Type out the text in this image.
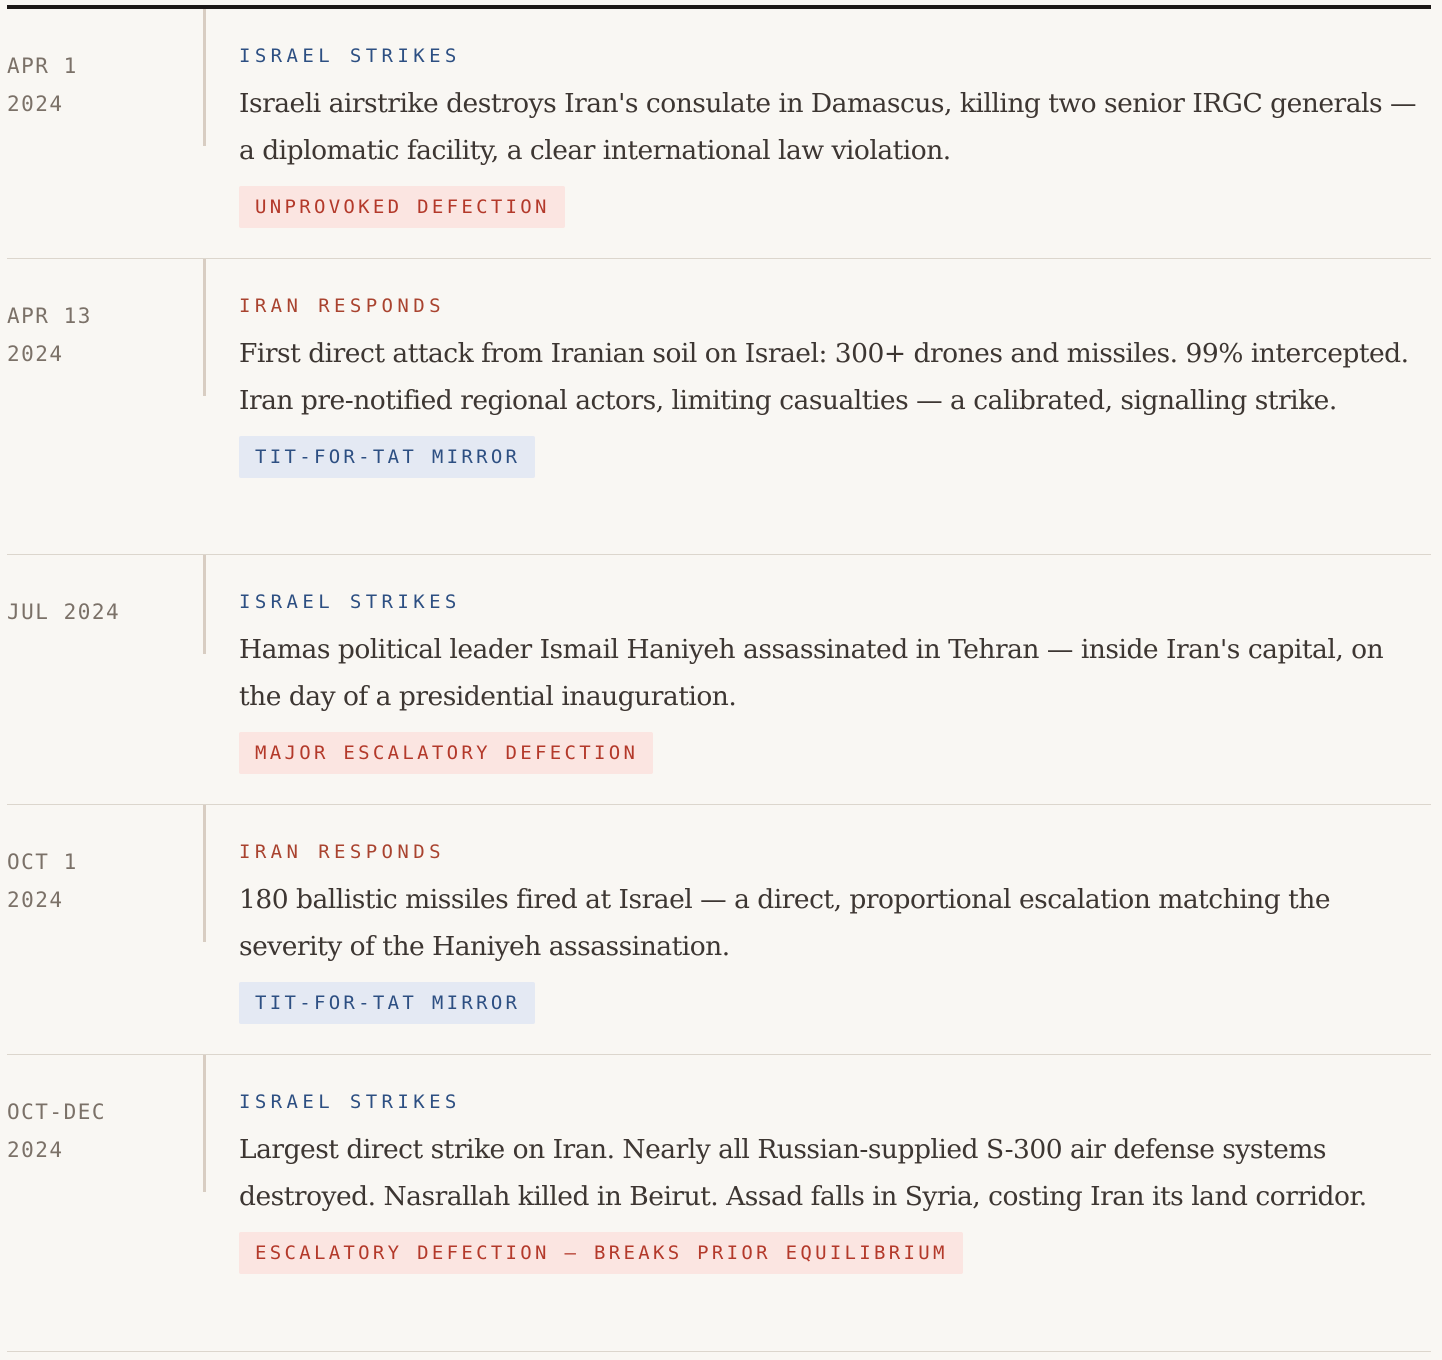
APR 1
2024
ISRAEL STRIKES

Israeli airstrike destroys Iran's consulate in Damascus, killing two senior IRGC generals — a diplomatic facility, a clear international law violation.

UNPROVOKED DEFECTION
APR 13
2024
IRAN RESPONDS

First direct attack from Iranian soil on Israel: 300+ drones and missiles. 99% intercepted. Iran pre-notified regional actors, limiting casualties — a calibrated, signalling strike.

TIT-FOR-TAT MIRROR
JUL 2024	ISRAEL STRIKES

Hamas political leader Ismail Haniyeh assassinated in Tehran — inside Iran's capital, on the day of a presidential inauguration.

MAJOR ESCALATORY DEFECTION
OCT 1
2024
IRAN RESPONDS

180 ballistic missiles fired at Israel — a direct, proportional escalation matching the severity of the Haniyeh assassination.

TIT-FOR-TAT MIRROR
OCT-DEC
2024
ISRAEL STRIKES

Largest direct strike on Iran. Nearly all Russian-supplied S-300 air defense systems destroyed. Nasrallah killed in Beirut. Assad falls in Syria, costing Iran its land corridor.

ESCALATORY DEFECTION — BREAKS PRIOR EQUILIBRIUM
